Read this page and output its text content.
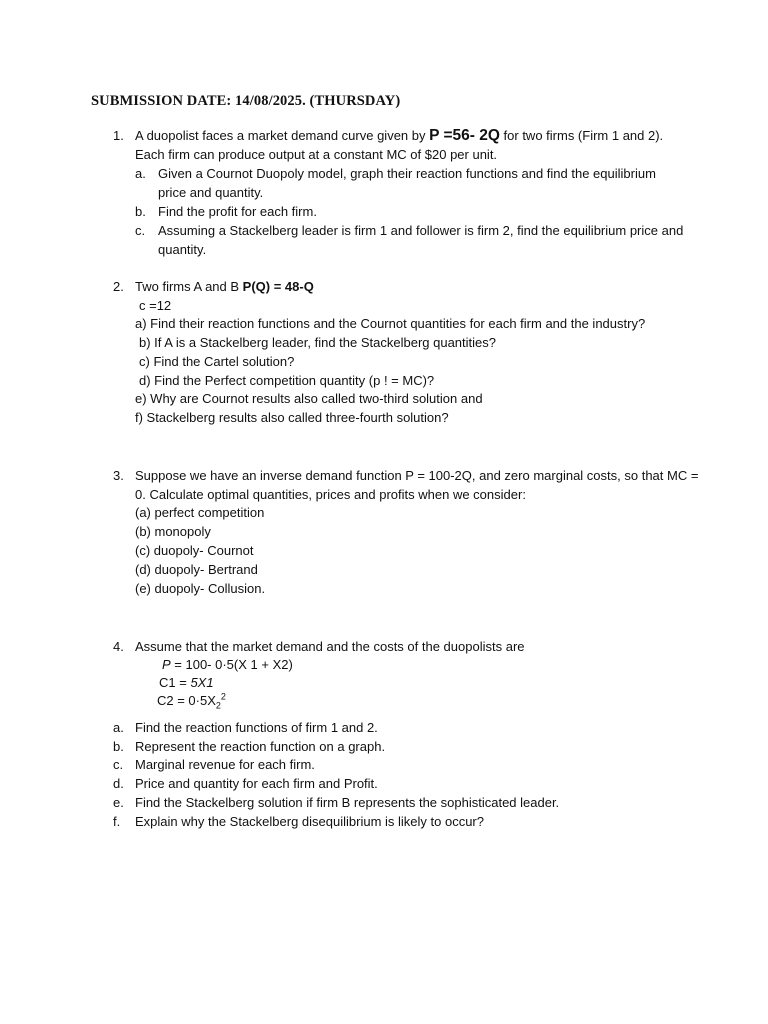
SUBMISSION DATE: 14/08/2025. (THURSDAY)
1. A duopolist faces a market demand curve given by P =56- 2Q for two firms (Firm 1 and 2).
Each firm can produce output at a constant MC of $20 per unit.
a. Given a Cournot Duopoly model, graph their reaction functions and find the equilibrium
price and quantity.
b. Find the profit for each firm.
c. Assuming a Stackelberg leader is firm 1 and follower is firm 2, find the equilibrium price and
quantity.
2. Two firms A and B P(Q) = 48-Q
c =12
a) Find their reaction functions and the Cournot quantities for each firm and the industry?
b) If A is a Stackelberg leader, find the Stackelberg quantities?
c) Find the Cartel solution?
d) Find the Perfect competition quantity (p ! = MC)?
e) Why are Cournot results also called two-third solution and
f) Stackelberg results also called three-fourth solution?
3. Suppose we have an inverse demand function P = 100-2Q, and zero marginal costs, so that MC =
0. Calculate optimal quantities, prices and profits when we consider:
(a) perfect competition
(b) monopoly
(c) duopoly- Cournot
(d) duopoly- Bertrand
(e) duopoly- Collusion.
4. Assume that the market demand and the costs of the duopolists are
P = 100- 0·5(X 1 + X2)
C1 = 5X1
$C2 = 0\cdot 5X_2^2$
a. Find the reaction functions of firm 1 and 2.
b. Represent the reaction function on a graph.
c. Marginal revenue for each firm.
d. Price and quantity for each firm and Profit.
e. Find the Stackelberg solution if firm B represents the sophisticated leader.
f. Explain why the Stackelberg disequilibrium is likely to occur?
